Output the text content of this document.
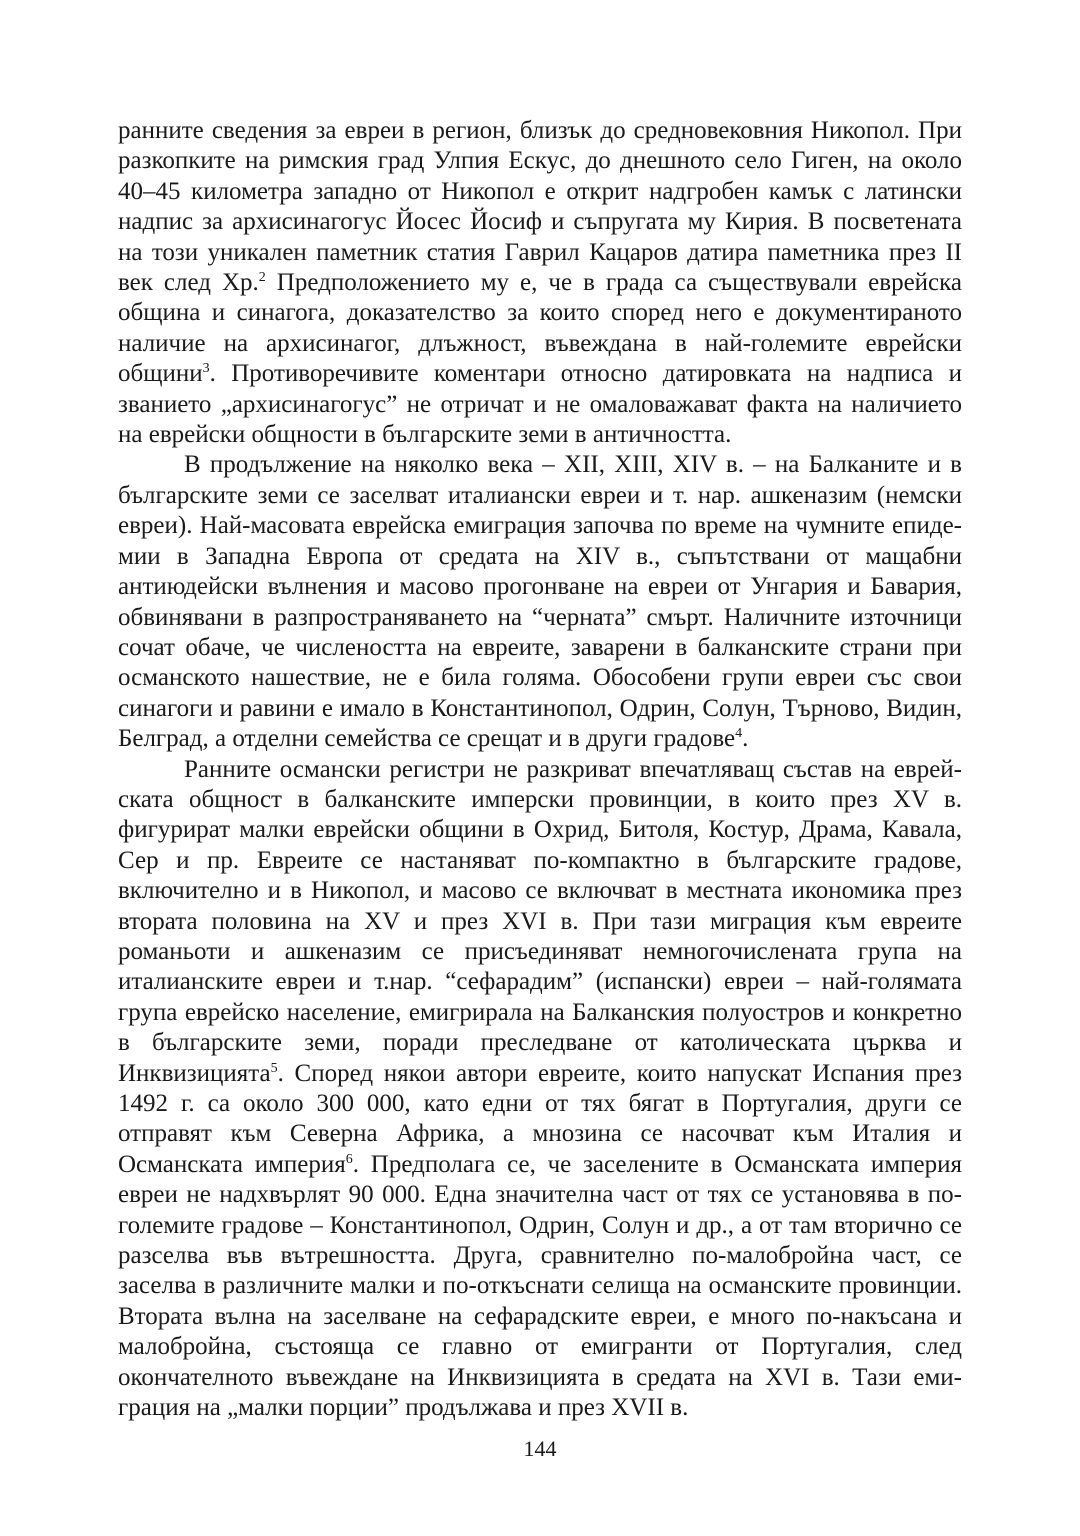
ранните сведения за евреи в регион, близък до средновековния Никопол. При разкопките на римския град Улпия Ескус, до днешното село Гиген, на около 40–45 километра западно от Никопол е открит надгробен камък с латински надпис за архисинагогус Йосес Йосиф и съпругата му Кирия. В посветената на този уникален паметник статия Гаврил Кацаров датира паметника през II век след Хр.$^2$ Предположението му е, че в града са съществували еврейска община и синагога, доказателство за които според него е документираното наличие на архисинагог, длъжност, въвеждана в най-големите еврейски общини$^3$. Противоречивите коментари относно датировката на надписа и званието „архисинагогус” не отричат и не омаловажават факта на наличието на еврейски общности в българските земи в античността.

В продължение на няколко века – XII, XIII, XIV в. – на Балканите и в българските земи се заселват италиански евреи и т. нар. ашкеназим (немски евреи). Най-масовата еврейска емиграция започва по време на чумните епидемии в Западна Европа от средата на XIV в., съпътствани от мащабни антиюдейски вълнения и масово прогонване на евреи от Унгария и Бавария, обвинявани в разпространяването на “черната” смърт. Наличните източници сочат обаче, че числеността на евреите, заварени в балканските страни при османското нашествие, не е била голяма. Обособени групи евреи със свои синагоги и равини е имало в Константинопол, Одрин, Солун, Търново, Видин, Белград, а отделни семейства се срещат и в други градове$^4$.

Ранните османски регистри не разкриват впечатляващ състав на еврейската общност в балканските имперски провинции, в които през XV в. фигурират малки еврейски общини в Охрид, Битоля, Костур, Драма, Кавала, Сер и пр. Евреите се настаняват по-компактно в българските градове, включително и в Никопол, и масово се включват в местната икономика през втората половина на XV и през XVI в. При тази миграция към евреите романьоти и ашкеназим се присъединяват немногочислената група на италианските евреи и т.нар. “сефарадим” (испански) евреи – най-голямата група еврейско население, емигрирала на Балканския полуостров и конкретно в българските земи, поради преследване от католическата църква и Инквизицията$^5$. Според някои автори евреите, които напускат Испания през 1492 г. са около 300 000, като едни от тях бягат в Португалия, други се отправят към Северна Африка, а мнозина се насочват към Италия и Османската империя$^6$. Предполага се, че заселените в Османската империя евреи не надхвърлят 90 000. Една значителна част от тях се установява в по-големите градове – Константинопол, Одрин, Солун и др., а от там вторично се разселва във вътрешността. Друга, сравнително по-малобройна част, се заселва в различните малки и по-откъснати селища на османските провинции. Втората вълна на заселване на сефарадските евреи, е много по-накъсана и малобройна, състояща се главно от емигранти от Португалия, след окончателното въвеждане на Инквизицията в средата на XVI в. Тази емиграция на „малки порции” продължава и през XVII в.

144
